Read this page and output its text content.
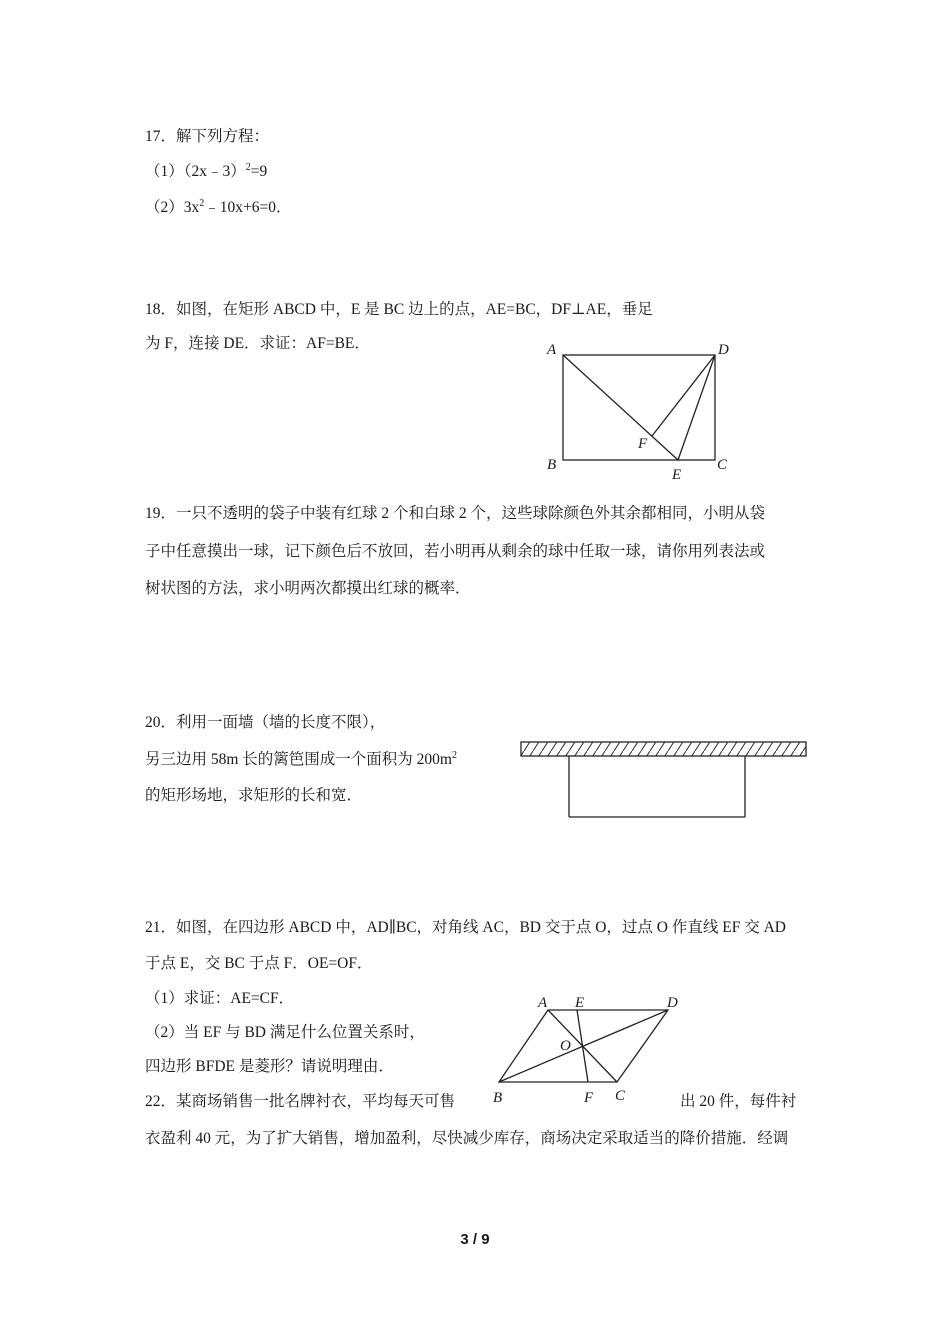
17．解下列方程：
（1）（2x﹣3）$^2$=9
$(2)3x^2﹣10x+6=0$．
18．如图，在矩形 ABCD 中，E 是 BC 边上的点，AE=BC，DF⊥AE，垂足
为 F，连接 DE．求证：AF=BE．	A	D
B	C
E
F
19．一只不透明的袋子中装有红球 2 个和白球 2 个，这些球除颜色外其余都相同，小明从袋
子中任意摸出一球，记下颜色后不放回，若小明再从剩余的球中任取一球，请你用列表法或
树状图的方法，求小明两次都摸出红球的概率．
20．利用一面墙（墙的长度不限），
另三边用 58m 长的篱笆围成一个面积为 $200m^2$
的矩形场地，求矩形的长和宽．
21．如图，在四边形 ABCD 中，AD∥BC，对角线 AC，BD 交于点 O，过点 O 作直线 EF 交 AD
于点 E，交 BC 于点 F．OE=OF．
（1）求证：AE=CF．
（2）当 EF 与 BD 满足什么位置关系时，
四边形 BFDE 是菱形？请说明理由．
A E	D
O
B	F C
22．某商场销售一批名牌衬衣，平均每天可售	出 20 件，每件衬
衣盈利 40 元，为了扩大销售，增加盈利，尽快减少库存，商场决定采取适当的降价措施．经调
3 / 9
